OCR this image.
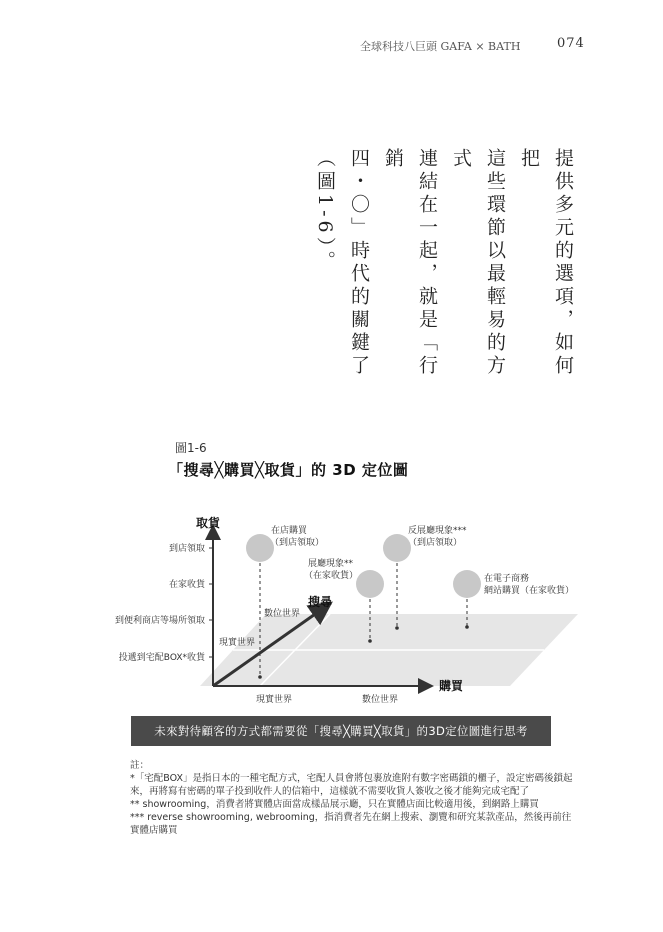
全球科技八巨頭 GAFA × BATH	074

提供多元的選項，如何把

這些環節以最輕易的方式

連結在一起，就是「行銷

四・〇」時代的關鍵了

（圖1-6）。

圖1-6
「搜尋╳購買╳取貨」的 3D 定位圖
取貨
購買
搜尋
到店領取
在家收貨
到便利商店等場所領取
投遞到宅配BOX*收貨
現實世界	數位世界
現實世界
數位世界
在店購買
（到店領取）
展廳現象**
（在家收貨）
反展廳現象***
（到店領取）
在電子商務
網站購買（在家收貨）
未來對待顧客的方式都需要從「搜尋╳購買╳取貨」的3D定位圖進行思考

註：

*「宅配BOX」是指日本的一種宅配方式，宅配人員會將包裹放進附有數字密碼鎖的櫃子，設定密碼後鎖起來，再將寫有密碼的單子投到收件人的信箱中，這樣就不需要收貨人簽收之後才能夠完成宅配了

** showrooming，消費者將實體店面當成樣品展示廳，只在實體店面比較適用後，到網路上購買

*** reverse showrooming, webrooming，指消費者先在網上搜索、瀏覽和研究某款產品，然後再前往實體店購買
